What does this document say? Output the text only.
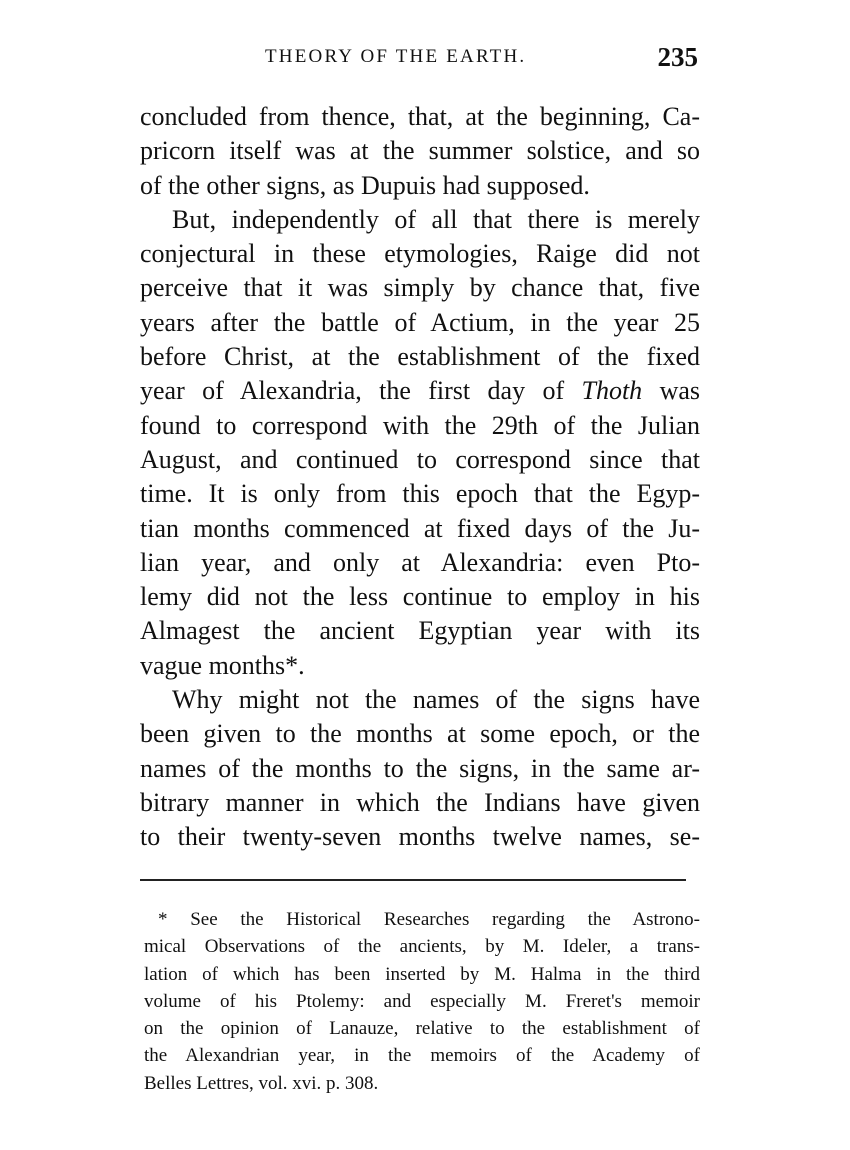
THEORY OF THE EARTH.	235
concluded from thence, that, at the beginning, Ca-
pricorn itself was at the summer solstice, and so
of the other signs, as Dupuis had supposed.
But, independently of all that there is merely
conjectural in these etymologies, Raige did not
perceive that it was simply by chance that, five
years after the battle of Actium, in the year 25
before Christ, at the establishment of the fixed
year of Alexandria, the first day of Thoth was
found to correspond with the 29th of the Julian
August, and continued to correspond since that
time. It is only from this epoch that the Egyp-
tian months commenced at fixed days of the Ju-
lian year, and only at Alexandria: even Pto-
lemy did not the less continue to employ in his
Almagest the ancient Egyptian year with its
vague months*.
Why might not the names of the signs have
been given to the months at some epoch, or the
names of the months to the signs, in the same ar-
bitrary manner in which the Indians have given
to their twenty-seven months twelve names, se-
* See the Historical Researches regarding the Astrono-
mical Observations of the ancients, by M. Ideler, a trans-
lation of which has been inserted by M. Halma in the third
volume of his Ptolemy: and especially M. Freret's memoir
on the opinion of Lanauze, relative to the establishment of
the Alexandrian year, in the memoirs of the Academy of
Belles Lettres, vol. xvi. p. 308.
